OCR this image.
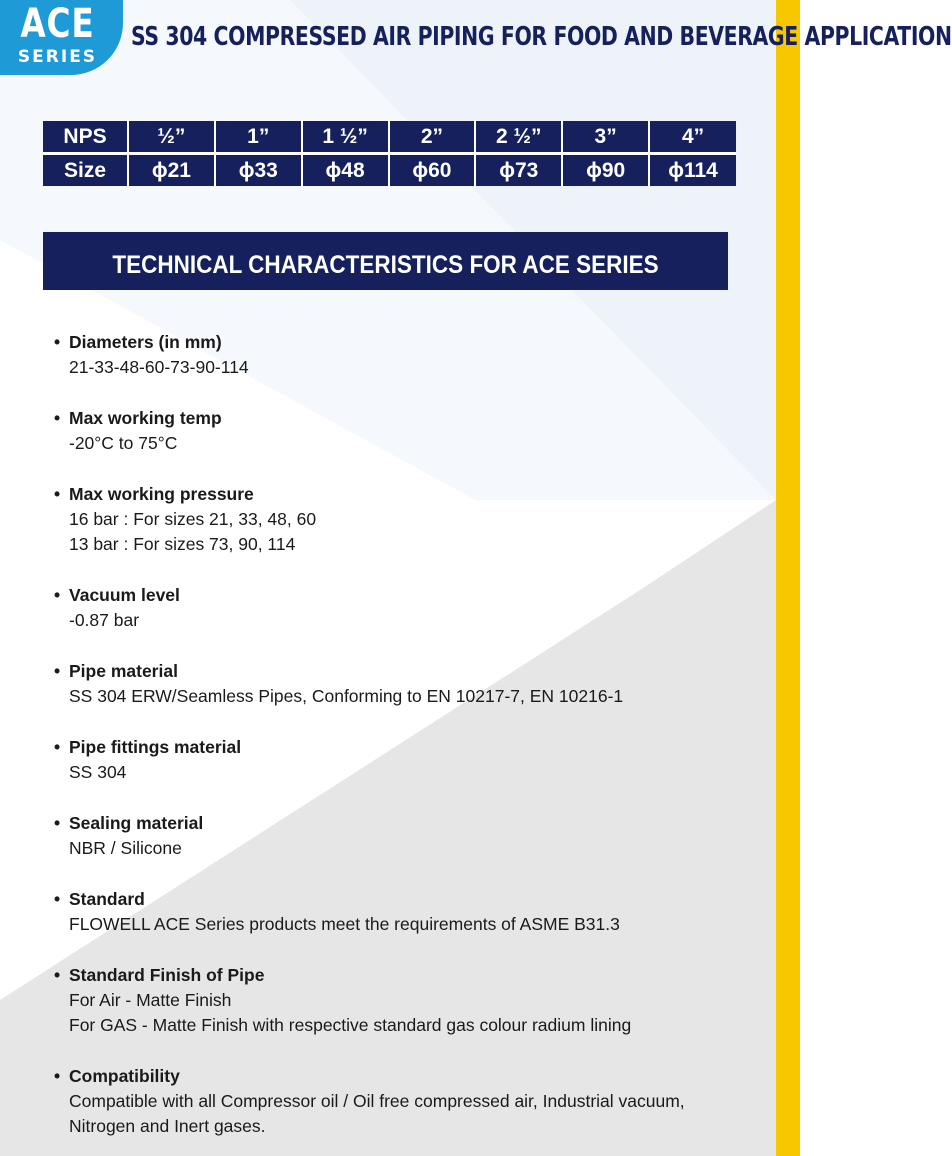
ACE
SERIES
SS 304 COMPRESSED AIR PIPING FOR FOOD AND BEVERAGE APPLICATION
NPS	½”	1”	1 ½”	2”	2 ½”	3”	4”
Size	ɸ21	ɸ33	ɸ48	ɸ60	ɸ73	ɸ90	ɸ114
TECHNICAL CHARACTERISTICS FOR ACE SERIES
• Diameters (in mm)
21-33-48-60-73-90-114
• Max working temp
-20°C to 75°C
• Max working pressure
16 bar : For sizes 21, 33, 48, 60
13 bar : For sizes 73, 90, 114
• Vacuum level
-0.87 bar
• Pipe material
SS 304 ERW/Seamless Pipes, Conforming to EN 10217-7, EN 10216-1
• Pipe fittings material
SS 304
• Sealing material
NBR / Silicone
• Standard
FLOWELL ACE Series products meet the requirements of ASME B31.3
• Standard Finish of Pipe
For Air - Matte Finish
For GAS - Matte Finish with respective standard gas colour radium lining
• Compatibility
Compatible with all Compressor oil / Oil free compressed air, Industrial vacuum,
Nitrogen and Inert gases.
